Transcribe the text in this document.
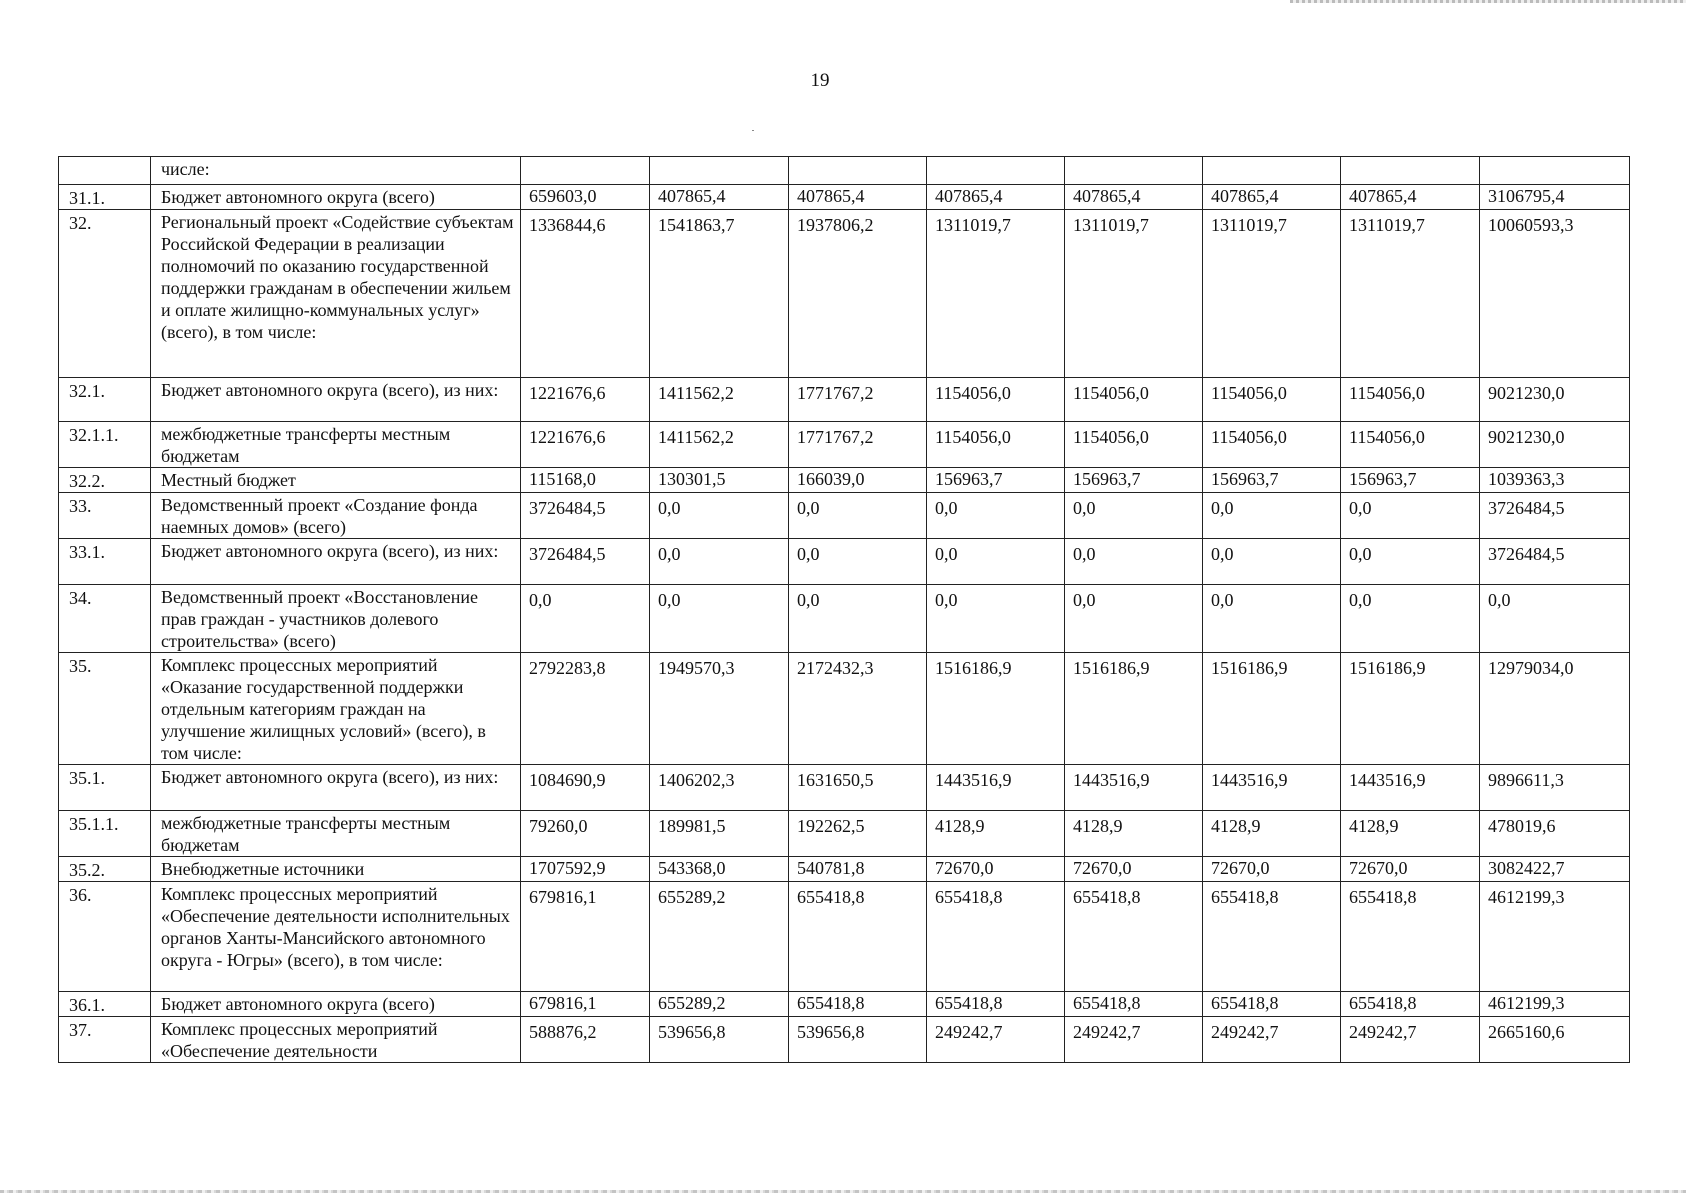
19
	числе:								
31.1.	Бюджет автономного округа (всего)	659603,0	407865,4	407865,4	407865,4	407865,4	407865,4	407865,4	3106795,4
32.	Региональный проект «Содействие субъектам Российской Федерации в реализации полномочий по оказанию государственной поддержки гражданам в обеспечении жильем и оплате жилищно-коммунальных услуг» (всего), в том числе:	1336844,6	1541863,7	1937806,2	1311019,7	1311019,7	1311019,7	1311019,7	10060593,3
32.1.	Бюджет автономного округа (всего), из них:	1221676,6	1411562,2	1771767,2	1154056,0	1154056,0	1154056,0	1154056,0	9021230,0
32.1.1.	межбюджетные трансферты местным бюджетам	1221676,6	1411562,2	1771767,2	1154056,0	1154056,0	1154056,0	1154056,0	9021230,0
32.2.	Местный бюджет	115168,0	130301,5	166039,0	156963,7	156963,7	156963,7	156963,7	1039363,3
33.	Ведомственный проект «Создание фонда наемных домов» (всего)	3726484,5	0,0	0,0	0,0	0,0	0,0	0,0	3726484,5
33.1.	Бюджет автономного округа (всего), из них:	3726484,5	0,0	0,0	0,0	0,0	0,0	0,0	3726484,5
34.	Ведомственный проект «Восстановление прав граждан - участников долевого строительства» (всего)	0,0	0,0	0,0	0,0	0,0	0,0	0,0	0,0
35.	Комплекс процессных мероприятий «Оказание государственной поддержки отдельным категориям граждан на улучшение жилищных условий» (всего), в том числе:	2792283,8	1949570,3	2172432,3	1516186,9	1516186,9	1516186,9	1516186,9	12979034,0
35.1.	Бюджет автономного округа (всего), из них:	1084690,9	1406202,3	1631650,5	1443516,9	1443516,9	1443516,9	1443516,9	9896611,3
35.1.1.	межбюджетные трансферты местным бюджетам	79260,0	189981,5	192262,5	4128,9	4128,9	4128,9	4128,9	478019,6
35.2.	Внебюджетные источники	1707592,9	543368,0	540781,8	72670,0	72670,0	72670,0	72670,0	3082422,7
36.	Комплекс процессных мероприятий «Обеспечение деятельности исполнительных органов Ханты-Мансийского автономного округа - Югры» (всего), в том числе:	679816,1	655289,2	655418,8	655418,8	655418,8	655418,8	655418,8	4612199,3
36.1.	Бюджет автономного округа (всего)	679816,1	655289,2	655418,8	655418,8	655418,8	655418,8	655418,8	4612199,3
37.	Комплекс процессных мероприятий «Обеспечение деятельности	588876,2	539656,8	539656,8	249242,7	249242,7	249242,7	249242,7	2665160,6
